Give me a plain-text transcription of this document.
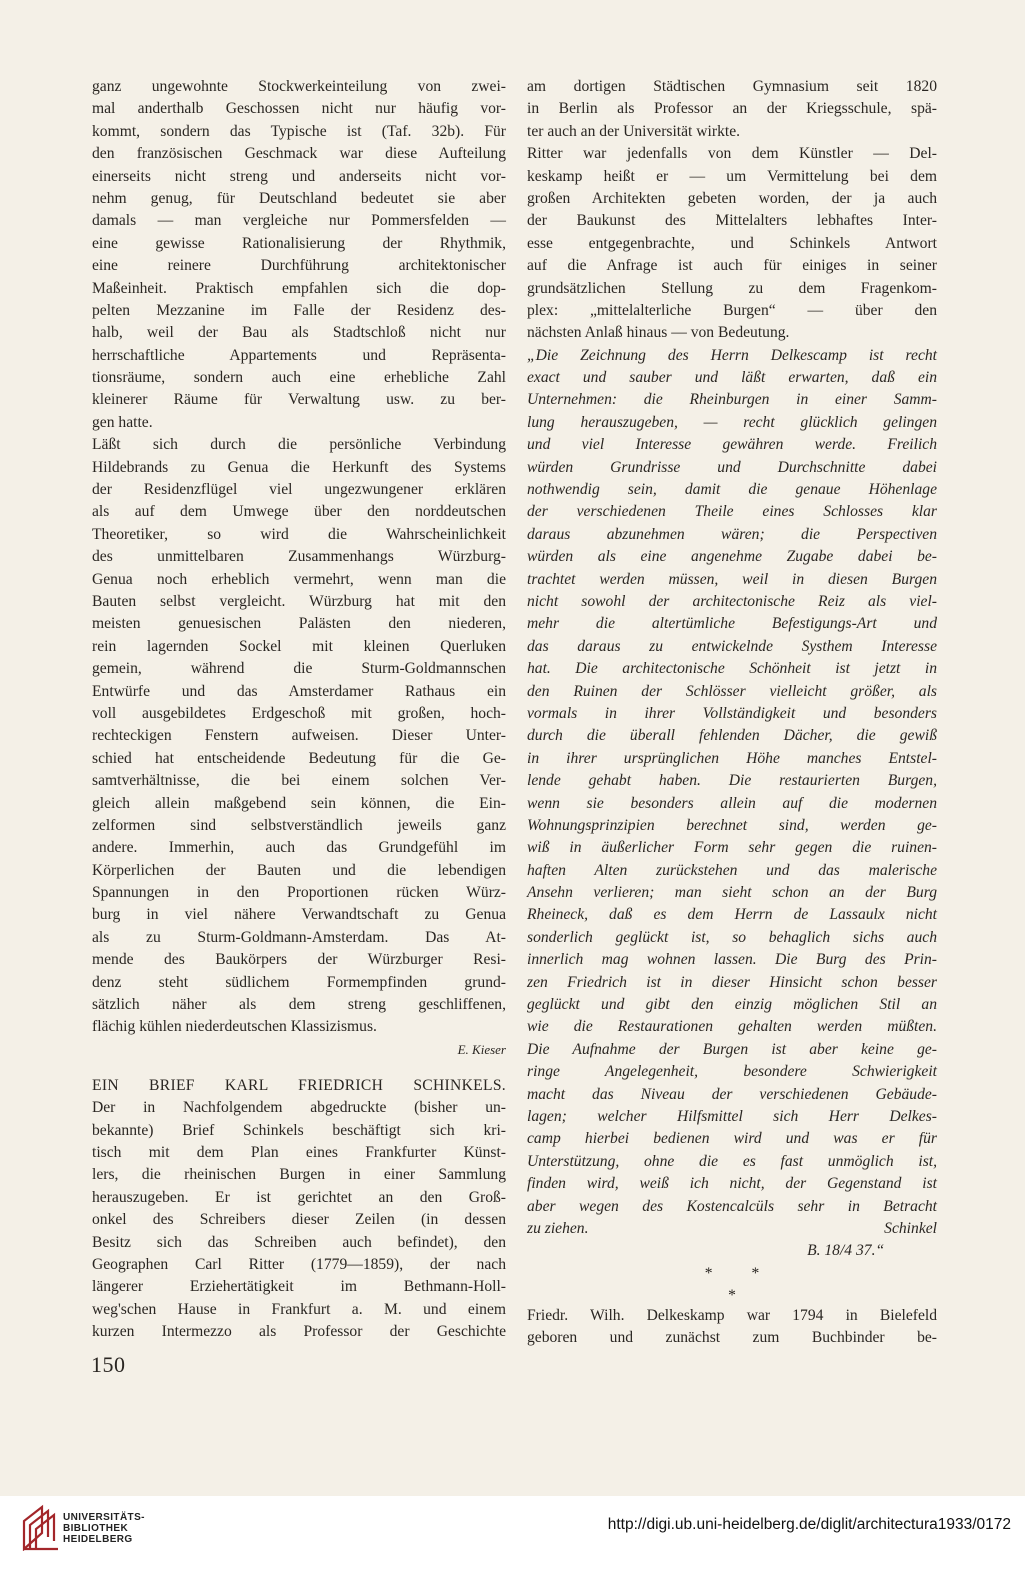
ganz ungewohnte Stockwerkeinteilung von zwei-
mal anderthalb Geschossen nicht nur häufig vor-
kommt, sondern das Typische ist (Taf. 32b). Für
den französischen Geschmack war diese Aufteilung
einerseits nicht streng und anderseits nicht vor-
nehm genug, für Deutschland bedeutet sie aber
damals — man vergleiche nur Pommersfelden —
eine gewisse Rationalisierung der Rhythmik,
eine reinere Durchführung architektonischer
Maßeinheit. Praktisch empfahlen sich die dop-
pelten Mezzanine im Falle der Residenz des-
halb, weil der Bau als Stadtschloß nicht nur
herrschaftliche Appartements und Repräsenta-
tionsräume, sondern auch eine erhebliche Zahl
kleinerer Räume für Verwaltung usw. zu ber-
gen hatte.
Läßt sich durch die persönliche Verbindung
Hildebrands zu Genua die Herkunft des Systems
der Residenzflügel viel ungezwungener erklären
als auf dem Umwege über den norddeutschen
Theoretiker, so wird die Wahrscheinlichkeit
des unmittelbaren Zusammenhangs Würzburg-
Genua noch erheblich vermehrt, wenn man die
Bauten selbst vergleicht. Würzburg hat mit den
meisten genuesischen Palästen den niederen,
rein lagernden Sockel mit kleinen Querluken
gemein, während die Sturm-Goldmannschen
Entwürfe und das Amsterdamer Rathaus ein
voll ausgebildetes Erdgeschoß mit großen, hoch-
rechteckigen Fenstern aufweisen. Dieser Unter-
schied hat entscheidende Bedeutung für die Ge-
samtverhältnisse, die bei einem solchen Ver-
gleich allein maßgebend sein können, die Ein-
zelformen sind selbstverständlich jeweils ganz
andere. Immerhin, auch das Grundgefühl im
Körperlichen der Bauten und die lebendigen
Spannungen in den Proportionen rücken Würz-
burg in viel nähere Verwandtschaft zu Genua
als zu Sturm-Goldmann-Amsterdam. Das At-
mende des Baukörpers der Würzburger Resi-
denz steht südlichem Formempfinden grund-
sätzlich näher als dem streng geschliffenen,
flächig kühlen niederdeutschen Klassizismus.
E. Kieser
EIN BRIEF KARL FRIEDRICH SCHINKELS.
Der in Nachfolgendem abgedruckte (bisher un-
bekannte) Brief Schinkels beschäftigt sich kri-
tisch mit dem Plan eines Frankfurter Künst-
lers, die rheinischen Burgen in einer Sammlung
herauszugeben. Er ist gerichtet an den Groß-
onkel des Schreibers dieser Zeilen (in dessen
Besitz sich das Schreiben auch befindet), den
Geographen Carl Ritter (1779—1859), der nach
längerer Erziehertätigkeit im Bethmann-Holl-
weg'schen Hause in Frankfurt a. M. und einem
kurzen Intermezzo als Professor der Geschichte
am dortigen Städtischen Gymnasium seit 1820
in Berlin als Professor an der Kriegsschule, spä-
ter auch an der Universität wirkte.
Ritter war jedenfalls von dem Künstler — Del-
keskamp heißt er — um Vermittelung bei dem
großen Architekten gebeten worden, der ja auch
der Baukunst des Mittelalters lebhaftes Inter-
esse entgegenbrachte, und Schinkels Antwort
auf die Anfrage ist auch für einiges in seiner
grundsätzlichen Stellung zu dem Fragenkom-
plex: „mittelalterliche Burgen“ — über den
nächsten Anlaß hinaus — von Bedeutung.
„Die Zeichnung des Herrn Delkescamp ist recht
exact und sauber und läßt erwarten, daß ein
Unternehmen: die Rheinburgen in einer Samm-
lung herauszugeben, — recht glücklich gelingen
und viel Interesse gewähren werde. Freilich
würden Grundrisse und Durchschnitte dabei
nothwendig sein, damit die genaue Höhenlage
der verschiedenen Theile eines Schlosses klar
daraus abzunehmen wären; die Perspectiven
würden als eine angenehme Zugabe dabei be-
trachtet werden müssen, weil in diesen Burgen
nicht sowohl der architectonische Reiz als viel-
mehr die altertümliche Befestigungs-Art und
das daraus zu entwickelnde Systhem Interesse
hat. Die architectonische Schönheit ist jetzt in
den Ruinen der Schlösser vielleicht größer, als
vormals in ihrer Vollständigkeit und besonders
durch die überall fehlenden Dächer, die gewiß
in ihrer ursprünglichen Höhe manches Entstel-
lende gehabt haben. Die restaurierten Burgen,
wenn sie besonders allein auf die modernen
Wohnungsprinzipien berechnet sind, werden ge-
wiß in äußerlicher Form sehr gegen die ruinen-
haften Alten zurückstehen und das malerische
Ansehn verlieren; man sieht schon an der Burg
Rheineck, daß es dem Herrn de Lassaulx nicht
sonderlich geglückt ist, so behaglich sichs auch
innerlich mag wohnen lassen. Die Burg des Prin-
zen Friedrich ist in dieser Hinsicht schon besser
geglückt und gibt den einzig möglichen Stil an
wie die Restaurationen gehalten werden müßten.
Die Aufnahme der Burgen ist aber keine ge-
ringe Angelegenheit, besondere Schwierigkeit
macht das Niveau der verschiedenen Gebäude-
lagen; welcher Hilfsmittel sich Herr Delkes-
camp hierbei bedienen wird und was er für
Unterstützung, ohne die es fast unmöglich ist,
finden wird, weiß ich nicht, der Gegenstand ist
aber wegen des Kostencalcüls sehr in Betracht
zu ziehen.	Schinkel
B. 18/4 37.“
*          *
*
Friedr. Wilh. Delkeskamp war 1794 in Bielefeld
geboren und zunächst zum Buchbinder be-
150
UNIVERSITÄTS-
BIBLIOTHEK
HEIDELBERG
http://digi.ub.uni-heidelberg.de/diglit/architectura1933/0172
